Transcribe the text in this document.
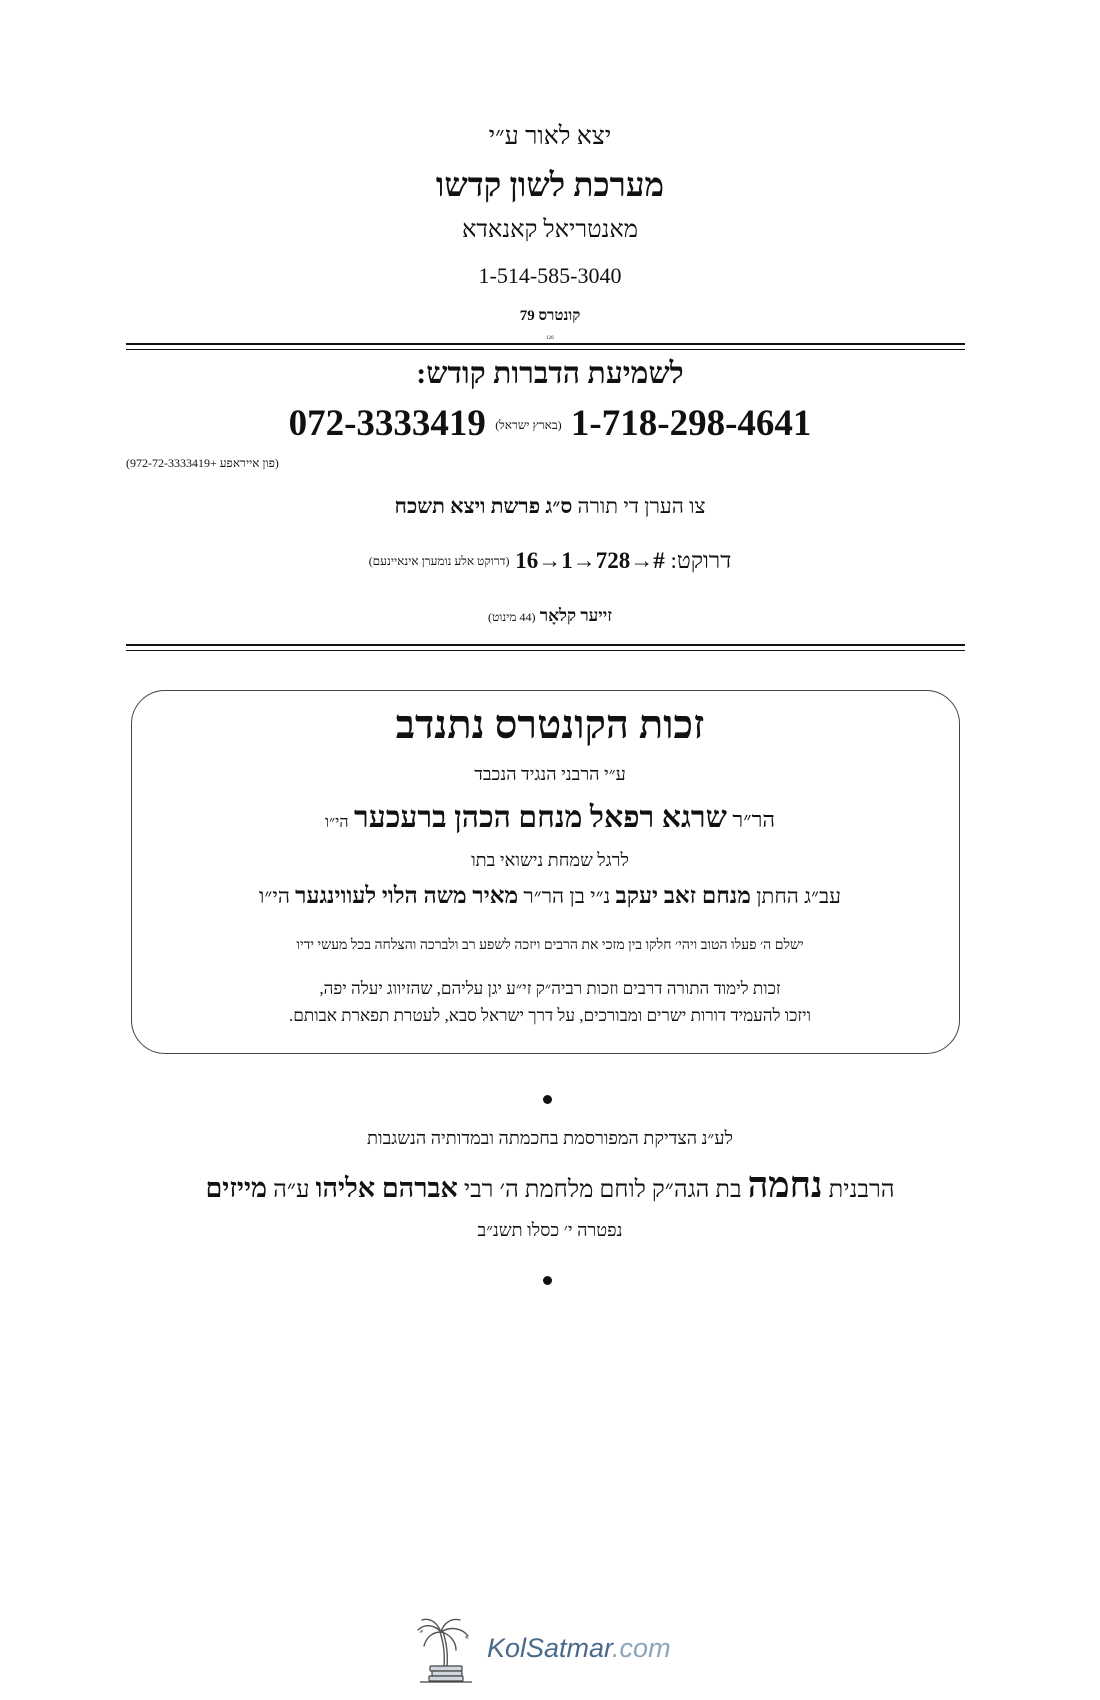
יצא לאור ע״י
מערכת לשון קדשו
מאנטריאל קאנאדא
1-514-585-3040
קונטרס 79
126
לשמיעת הדברות קודש:
1-718-298-4641 (בארץ ישראל) 072-3333419
(פון אייראפע +972-72-3333419)
צו הערן די תורה ס״ג פרשת ויצא תשכח
דרוקט: 16→1→728→# (דרוקט אלע נומערן אינאיינעם)
זייער קלאָר (44 מינוט)
זכות הקונטרס נתנדב
ע״י הרבני הנגיד הנכבד
הר״ר שרגא רפאל מנחם הכהן ברעכער הי״ו
לרגל שמחת נישואי בתו
עב״ג החתן מנחם זאב יעקב נ״י בן הר״ר מאיר משה הלוי לעווינגער הי״ו
ישלם ה׳ פעלו הטוב ויהי׳ חלקו בין מזכי את הרבים ויזכה לשפע רב ולברכה והצלחה בכל מעשי ידיו
זכות לימוד התורה דרבים וזכות רביה״ק זי״ע יגן עליהם, שהזיווג יעלה יפה,
ויזכו להעמיד דורות ישרים ומבורכים, על דרך ישראל סבא, לעטרת תפארת אבותם.
לע״נ הצדיקת המפורסמת בחכמתה ובמדותיה הנשגבות
הרבנית נחמה בת הגה״ק לוחם מלחמת ה׳ רבי אברהם אליהו ע״ה מייזים
נפטרה י׳ כסלו תשנ״ב
KolSatmar.com
